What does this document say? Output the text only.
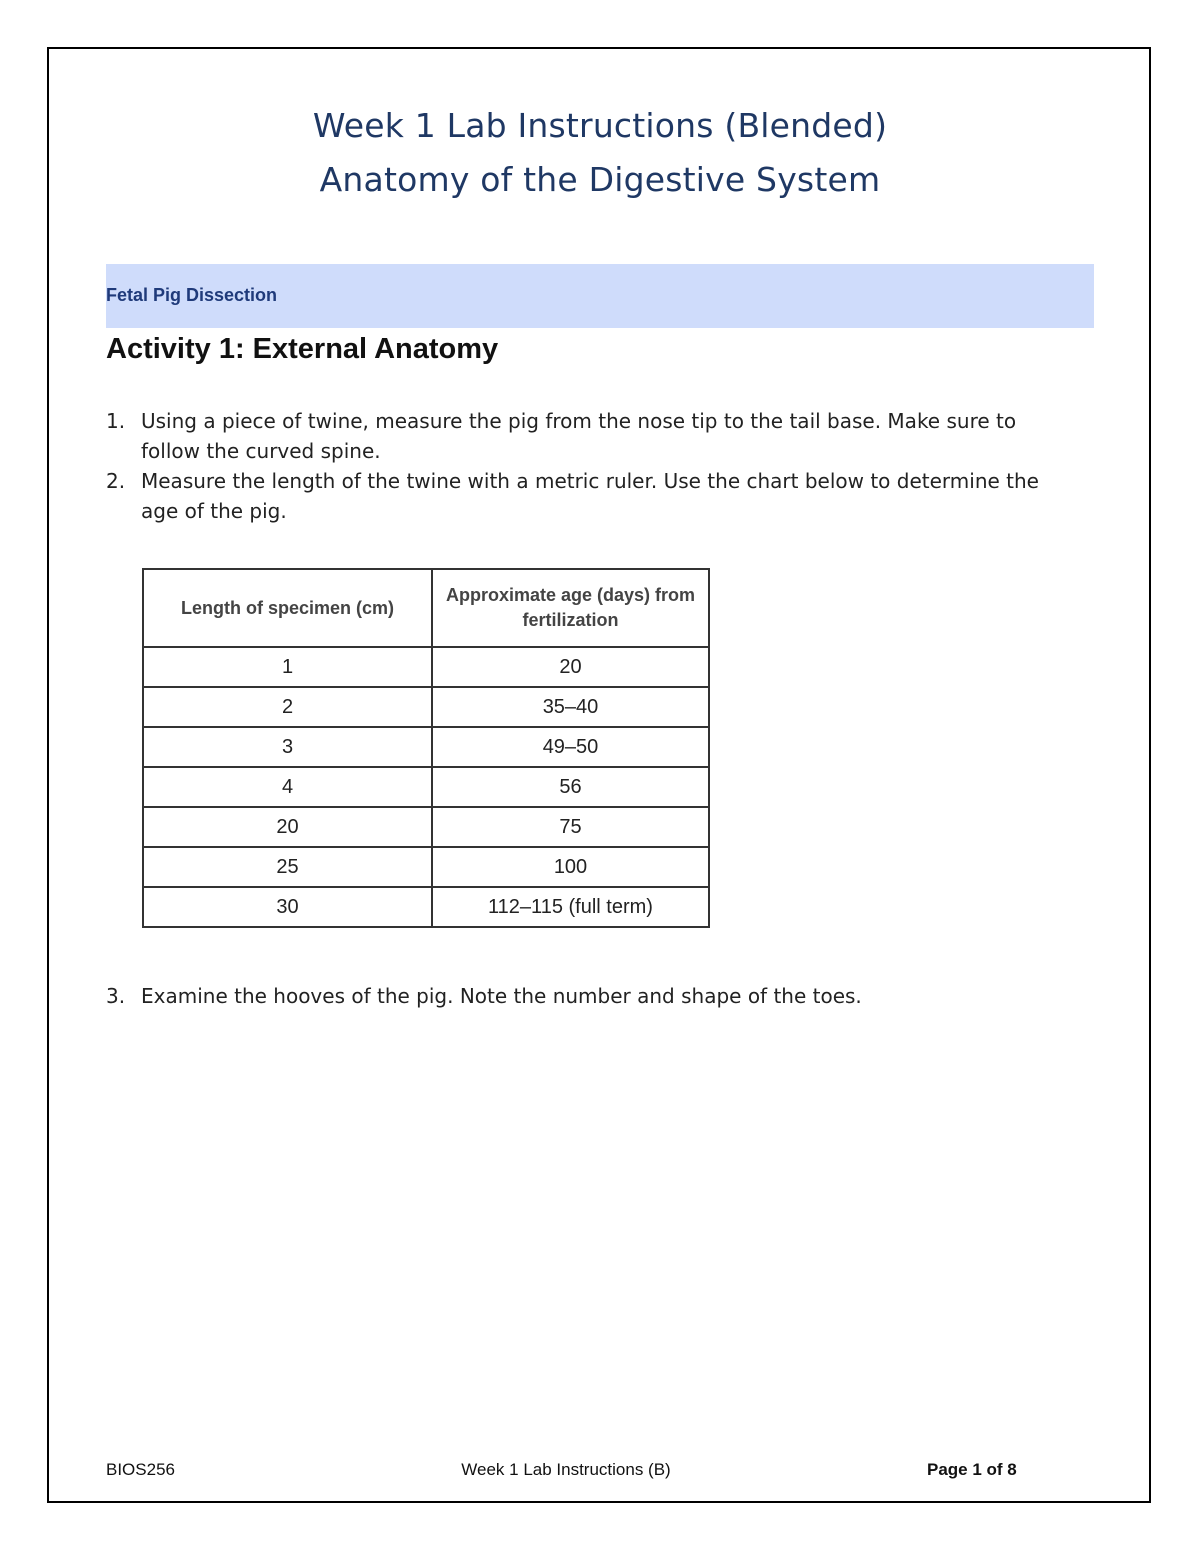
Week 1 Lab Instructions (Blended)
Anatomy of the Digestive System
Fetal Pig Dissection
Activity 1: External Anatomy
1. Using a piece of twine, measure the pig from the nose tip to the tail base. Make sure to follow the curved spine.
2. Measure the length of the twine with a metric ruler. Use the chart below to determine the age of the pig.
Length of specimen (cm)	Approximate age (days) from fertilization
1	20
2	35–40
3	49–50
4	56
20	75
25	100
30	112–115 (full term)
3. Examine the hooves of the pig. Note the number and shape of the toes.
BIOS256	Week 1 Lab Instructions (B)	Page 1 of 8
